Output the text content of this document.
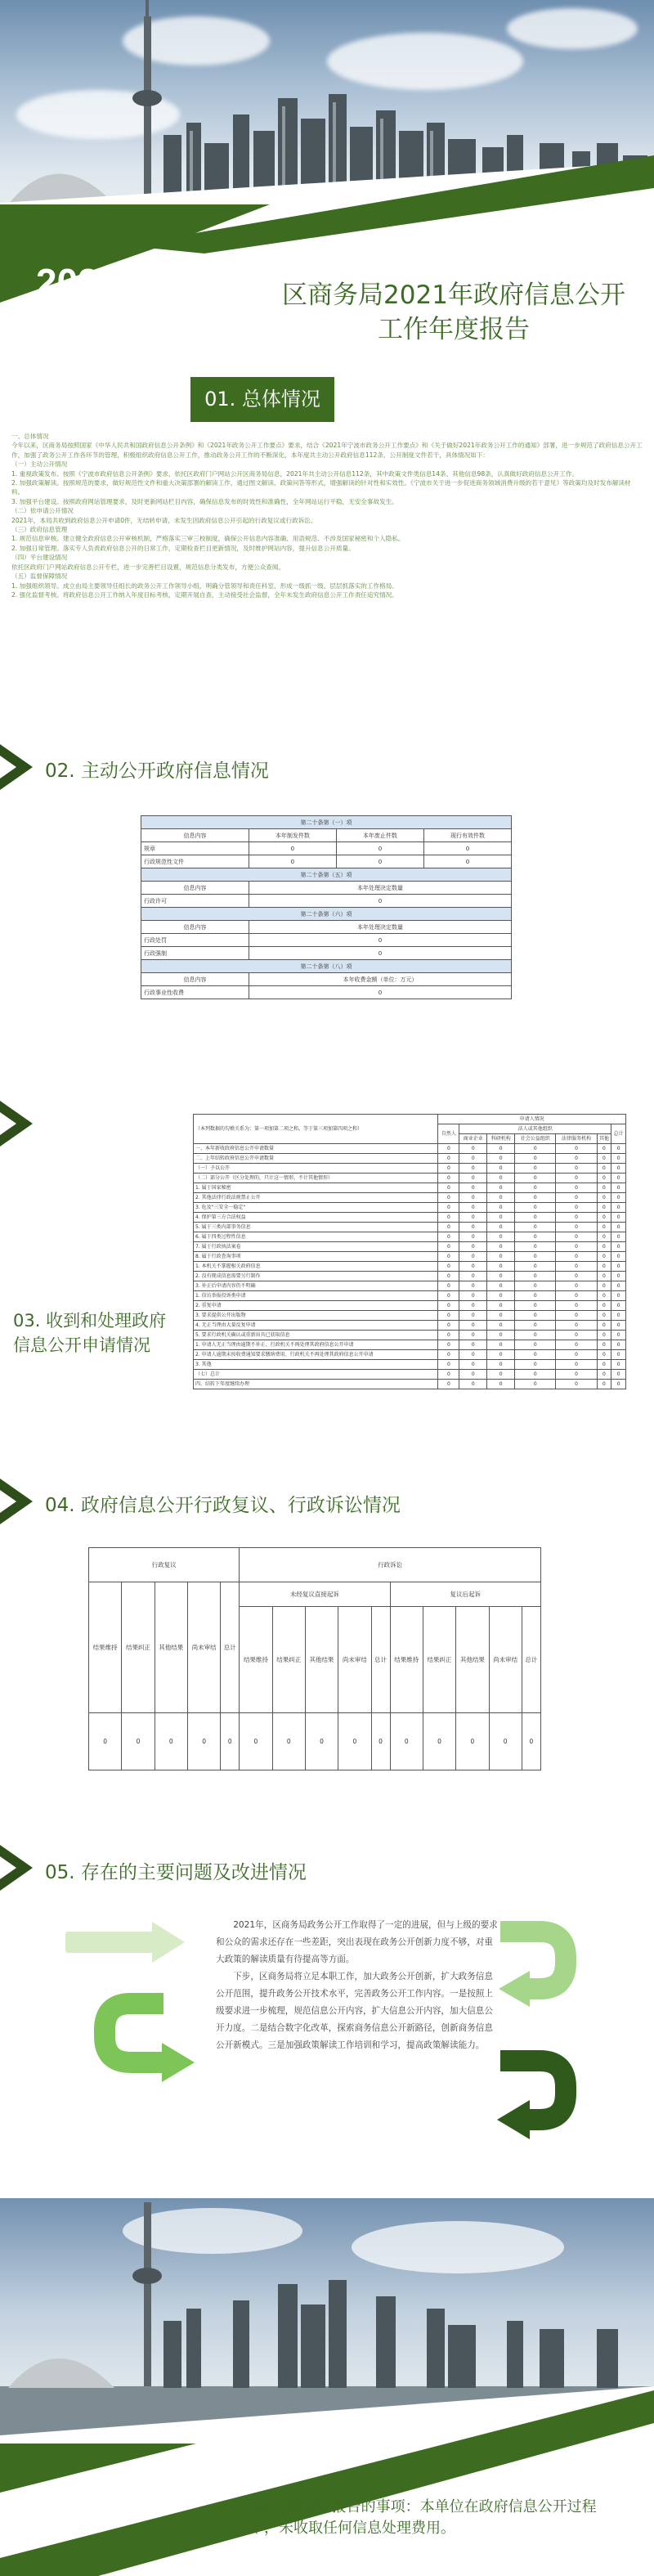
2021	区商务局2021年政府信息公开
工作年度报告
01. 总体情况

一、总体情况

今年以来，区商务局按照国家《中华人民共和国政府信息公开条例》和《2021年政务公开工作要点》要求，结合《2021年宁波市政务公开工作要点》和《关于做好2021年政务公开工作的通知》部署，进一步规范了政府信息公开工作，加强了政务公开工作各环节的管理，积极组织政府信息公开工作，推动政务公开工作的不断深化，本年度共主动公开政府信息112条，公开制度文件若干，具体情况如下：

（一）主动公开情况

1. 重视政策发布。按照《宁波市政府信息公开条例》要求，依托区政府门户网站公开区商务局信息，2021年共主动公开信息112条，其中政策文件类信息14条、其他信息98条，认真做好政府信息公开工作。

2. 加强政策解读。按照规范的要求，做好规范性文件和重大决策部署的解读工作，通过图文解读、政策问答等形式，增强解读的针对性和实效性。《宁波市关于进一步促进商务领域消费升级的若干意见》等政策均及时发布解读材料。

3. 加强平台建设。按照政府网站管理要求，及时更新网站栏目内容，确保信息发布的时效性和准确性，全年网站运行平稳，无安全事故发生。

（二）依申请公开情况

2021年，本局共收到政府信息公开申请0件，无结转申请，未发生因政府信息公开引起的行政复议或行政诉讼。

（三）政府信息管理

1. 规范信息审核。建立健全政府信息公开审核机制，严格落实三审三校制度，确保公开信息内容准确、用语规范、不涉及国家秘密和个人隐私。

2. 加强日常管理。落实专人负责政府信息公开的日常工作，定期检查栏目更新情况，及时维护网站内容，提升信息公开质量。

（四）平台建设情况

依托区政府门户网站政府信息公开专栏，进一步完善栏目设置，规范信息分类发布，方便公众查阅。

（五）监督保障情况

1. 加强组织领导。成立由局主要领导任组长的政务公开工作领导小组，明确分管领导和责任科室，形成一级抓一级、层层抓落实的工作格局。

2. 强化监督考核。将政府信息公开工作纳入年度目标考核，定期开展自查，主动接受社会监督，全年未发生政府信息公开工作责任追究情况。

02. 主动公开政府信息情况
第二十条第（一）项			
信息内容	本年制发件数	本年废止件数	现行有效件数
规章	0	0	0
行政规范性文件	0	0	0
第二十条第（五）项			
信息内容	本年处理决定数量		
行政许可	0		
第二十条第（六）项			
信息内容	本年处理决定数量		
行政处罚	0		
行政强制	0		
第二十条第（八）项			
信息内容	本年收费金额（单位：万元）		
行政事业性收费	0		
03. 收到和处理政府
信息公开申请情况
（本列数据的勾稽关系为：第一项加第二项之和，等于第三项加第四项之和）	申请人情况						
	自然人	法人或其他组织					总计
		商业企业	科研机构	社会公益组织	法律服务机构	其他	
一、本年新收政府信息公开申请数量	0	0	0	0	0	0	0
二、上年结转政府信息公开申请数量	0	0	0	0	0	0	0
（一）予以公开	0	0	0	0	0	0	0
（二）部分公开（区分处理的，只计这一情形，不计其他情形）	0	0	0	0	0	0	0
1. 属于国家秘密	0	0	0	0	0	0	0
2. 其他法律行政法规禁止公开	0	0	0	0	0	0	0
3. 危及"三安全一稳定"	0	0	0	0	0	0	0
4. 保护第三方合法权益	0	0	0	0	0	0	0
5. 属于三类内部事务信息	0	0	0	0	0	0	0
6. 属于四类过程性信息	0	0	0	0	0	0	0
7. 属于行政执法案卷	0	0	0	0	0	0	0
8. 属于行政查询事项	0	0	0	0	0	0	0
1. 本机关不掌握相关政府信息	0	0	0	0	0	0	0
2. 没有现成信息需要另行制作	0	0	0	0	0	0	0
3. 补正后申请内容仍不明确	0	0	0	0	0	0	0
1. 信访举报投诉类申请	0	0	0	0	0	0	0
2. 重复申请	0	0	0	0	0	0	0
3. 要求提供公开出版物	0	0	0	0	0	0	0
4. 无正当理由大量反复申请	0	0	0	0	0	0	0
5. 要求行政机关确认或重新出具已获取信息	0	0	0	0	0	0	0
1. 申请人无正当理由逾期不补正、行政机关不再处理其政府信息公开申请	0	0	0	0	0	0	0
2. 申请人逾期未按收费通知要求缴纳费用、行政机关不再处理其政府信息公开申请	0	0	0	0	0	0	0
3. 其他	0	0	0	0	0	0	0
（七）总计	0	0	0	0	0	0	0
四、结转下年度继续办理	0	0	0	0	0	0	0
04. 政府信息公开行政复议、行政诉讼情况
行政复议					行政诉讼									
结果维持	结果纠正	其他结果	尚未审结	总计	未经复议直接起诉					复议后起诉				
					结果维持	结果纠正	其他结果	尚未审结	总计	结果维持	结果纠正	其他结果	尚未审结	总计
0	0	0	0	0	0	0	0	0	0	0	0	0	0	0
05. 存在的主要问题及改进情况

2021年，区商务局政务公开工作取得了一定的进展，但与上级的要求和公众的需求还存在一些差距，突出表现在政务公开创新力度不够，对重大政策的解读质量有待提高等方面。

下步，区商务局将立足本职工作，加大政务公开创新，扩大政务信息公开范围，提升政务公开技术水平，完善政务公开工作内容。一是按照上级要求进一步梳理，规范信息公开内容，扩大信息公开内容，加大信息公开力度。二是结合数字化改革，探索商务信息公开新路径，创新商务信息公开新模式。三是加强政策解读工作培训和学习，提高政策解读能力。

06.其他需要报告的事项：本单位在政府信息公开过程中，未收取任何信息处理费用。
